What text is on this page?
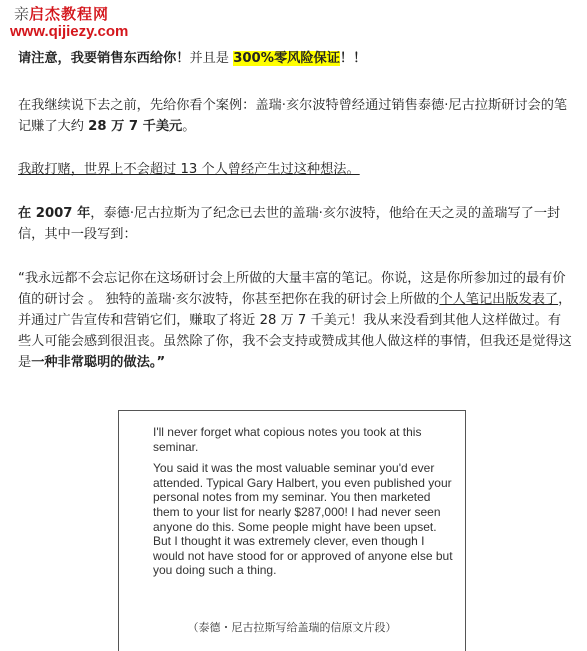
亲启杰教程网
www.qijiezy.com

请注意，我要销售东西给你！并且是 300%零风险保证！！

在我继续说下去之前，先给你看个案例：盖瑞·亥尔波特曾经通过销售泰德·尼古拉斯研讨会的笔记赚了大约 28 万 7 千美元。

我敢打赌，世界上不会超过 13 个人曾经产生过这种想法。

在 2007 年，泰德·尼古拉斯为了纪念已去世的盖瑞·亥尔波特，他给在天之灵的盖瑞写了一封信，其中一段写到：

“我永远都不会忘记你在这场研讨会上所做的大量丰富的笔记。你说，这是你所参加过的最有价值的研讨会 。 独特的盖瑞·亥尔波特，你甚至把你在我的研讨会上所做的个人笔记出版发表了，并通过广告宣传和营销它们，赚取了将近 28 万 7 千美元！我从来没看到其他人这样做过。有些人可能会感到很沮丧。虽然除了你，我不会支持或赞成其他人做这样的事情，但我还是觉得这是一种非常聪明的做法。”

I'll never forget what copious notes you took at this seminar.

You said it was the most valuable seminar you'd ever attended. Typical Gary Halbert, you even published your personal notes from my seminar. You then marketed them to your list for nearly $287,000! I had never seen anyone do this. Some people might have been upset. But I thought it was extremely clever, even though I would not have stood for or approved of anyone else but you doing such a thing.

（泰德・尼古拉斯写给盖瑞的信原文片段）
